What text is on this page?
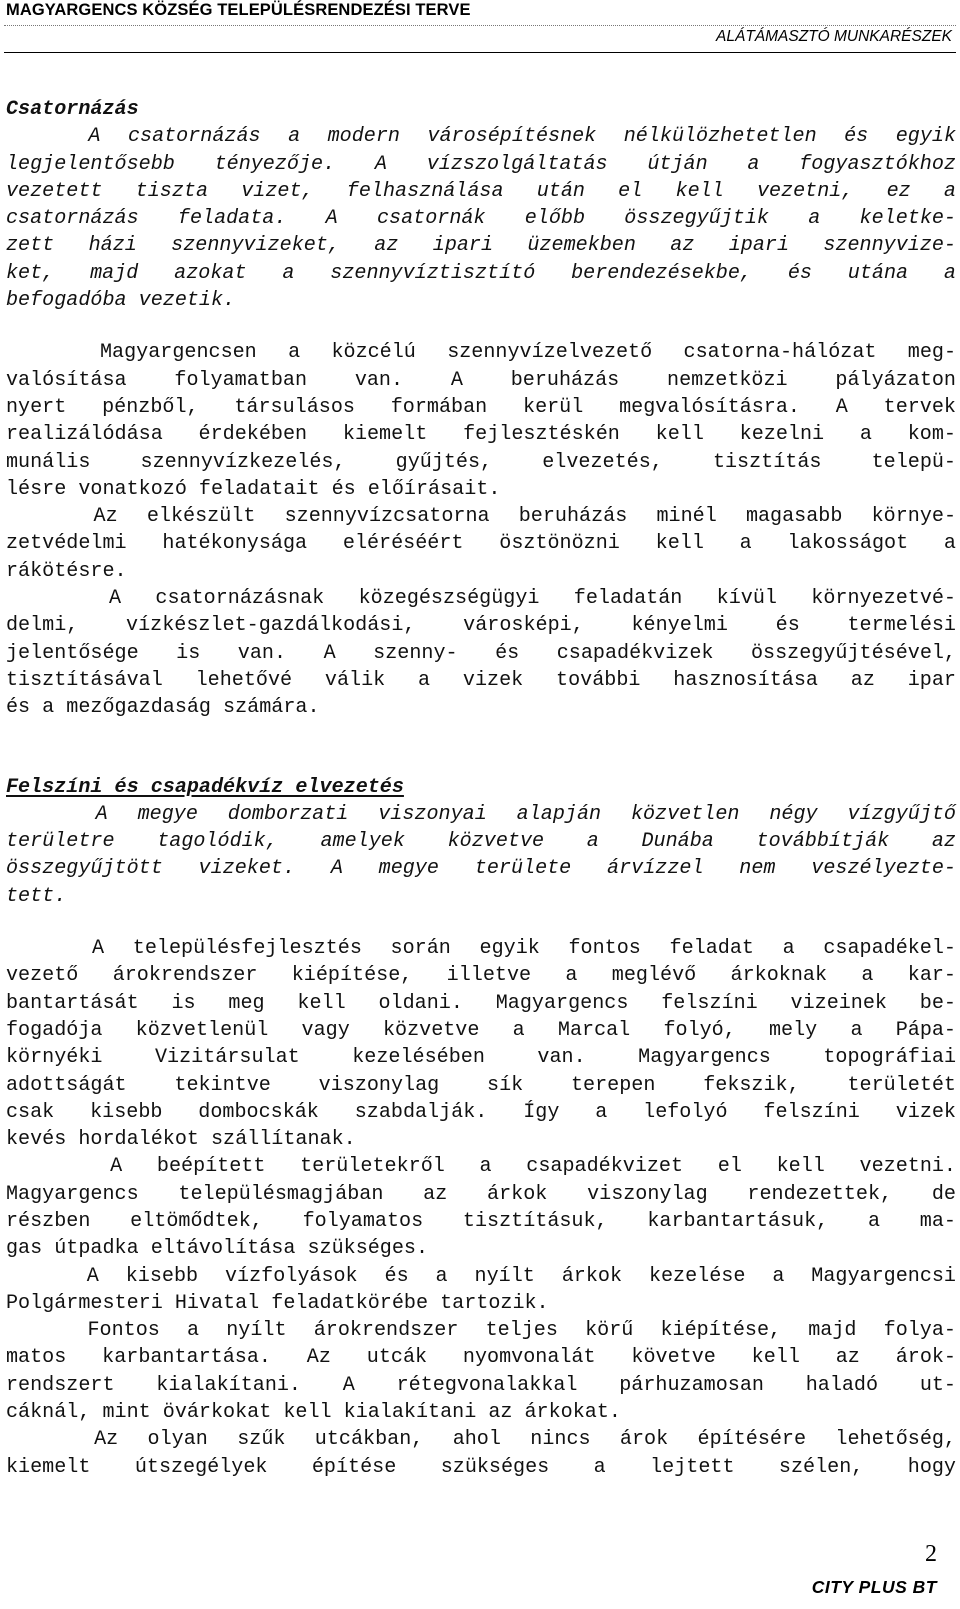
MAGYARGENCS KÖZSÉG TELEPÜLÉSRENDEZÉSI TERVE
ALÁTÁMASZTÓ MUNKARÉSZEK
Csatornázás
A csatornázás a modern városépítésnek nélkülözhetetlen és egyik
legjelentősebb tényezője. A vízszolgáltatás útján a fogyasztókhoz
vezetett tiszta vizet, felhasználása után el kell vezetni, ez a
csatornázás feladata. A csatornák előbb összegyűjtik a keletke-
zett házi szennyvizeket, az ipari üzemekben az ipari szennyvize-
ket, majd azokat a szennyvíztisztító berendezésekbe, és utána a
befogadóba vezetik.
Magyargencsen a közcélú szennyvízelvezető csatorna-hálózat meg-
valósítása folyamatban van. A beruházás nemzetközi pályázaton
nyert pénzből, társulásos formában kerül megvalósításra. A tervek
realizálódása érdekében kiemelt fejlesztéskén kell kezelni a kom-
munális szennyvízkezelés, gyűjtés, elvezetés, tisztítás telepü-
lésre vonatkozó feladatait és előírásait.
Az elkészült szennyvízcsatorna beruházás minél magasabb környe-
zetvédelmi hatékonysága eléréséért ösztönözni kell a lakosságot a
rákötésre.
A csatornázásnak közegészségügyi feladatán kívül környezetvé-
delmi, vízkészlet-gazdálkodási, városképi, kényelmi és termelési
jelentősége is van. A szenny- és csapadékvizek összegyűjtésével,
tisztításával lehetővé válik a vizek további hasznosítása az ipar
és a mezőgazdaság számára.
Felszíni és csapadékvíz elvezetés
A megye domborzati viszonyai alapján közvetlen négy vízgyűjtő
területre tagolódik, amelyek közvetve a Dunába továbbítják az
összegyűjtött vizeket. A megye területe árvízzel nem veszélyezte-
tett.
A településfejlesztés során egyik fontos feladat a csapadékel-
vezető árokrendszer kiépítése, illetve a meglévő árkoknak a kar-
bantartását is meg kell oldani. Magyargencs felszíni vizeinek be-
fogadója közvetlenül vagy közvetve a Marcal folyó, mely a Pápa-
környéki Vizitársulat kezelésében van. Magyargencs topográfiai
adottságát tekintve viszonylag sík terepen fekszik, területét
csak kisebb dombocskák szabdalják. Így a lefolyó felszíni vizek
kevés hordalékot szállítanak.
A beépített területekről a csapadékvizet el kell vezetni.
Magyargencs településmagjában az árkok viszonylag rendezettek, de
részben eltömődtek, folyamatos tisztításuk, karbantartásuk, a ma-
gas útpadka eltávolítása szükséges.
A kisebb vízfolyások és a nyílt árkok kezelése a Magyargencsi
Polgármesteri Hivatal feladatkörébe tartozik.
Fontos a nyílt árokrendszer teljes körű kiépítése, majd folya-
matos karbantartása. Az utcák nyomvonalát követve kell az árok-
rendszert kialakítani. A rétegvonalakkal párhuzamosan haladó ut-
cáknál, mint övárkokat kell kialakítani az árkokat.
Az olyan szűk utcákban, ahol nincs árok építésére lehetőség,
kiemelt útszegélyek építése szükséges a lejtett szélen, hogy
2
CITY PLUS BT
